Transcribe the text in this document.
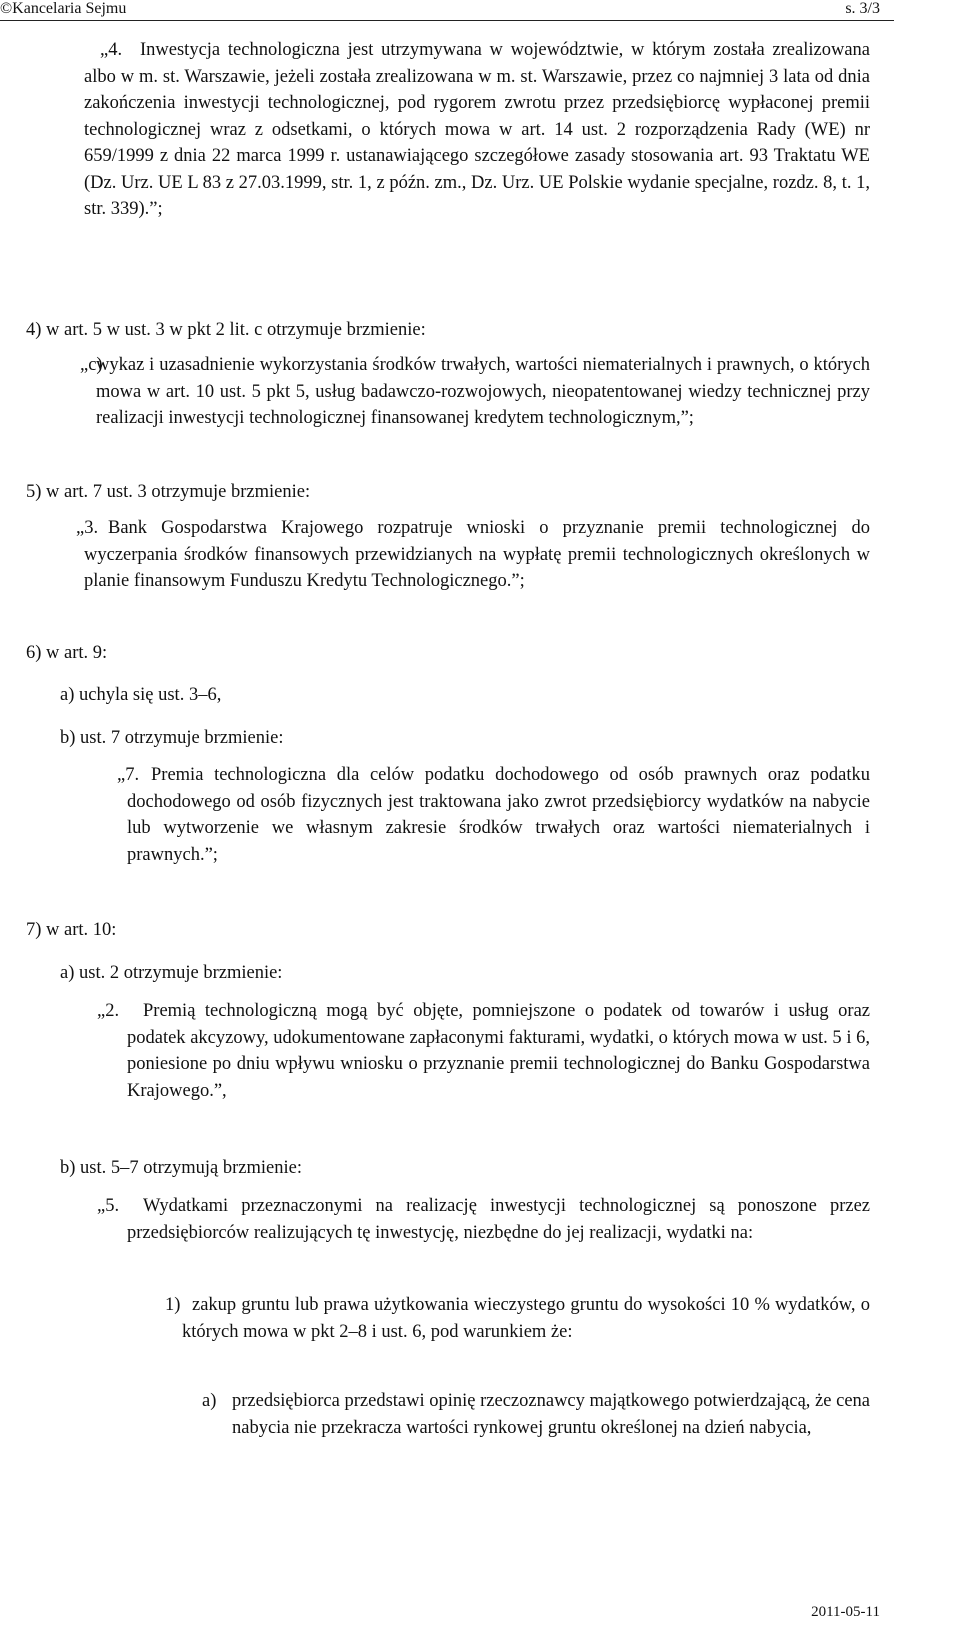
©Kancelaria Sejmu	s. 3/3
„4. Inwestycja technologiczna jest utrzymywana w województwie, w którym została zrealizowana albo w m. st. Warszawie, jeżeli została zrealizowana w m. st. Warszawie, przez co najmniej 3 lata od dnia zakończenia inwestycji technologicznej, pod rygorem zwrotu przez przedsiębiorcę wypłaconej premii technologicznej wraz z odsetkami, o których mowa w art. 14 ust. 2 rozporządzenia Rady (WE) nr 659/1999 z dnia 22 marca 1999 r. ustanawiającego szczegółowe zasady stosowania art. 93 Traktatu WE (Dz. Urz. UE L 83 z 27.03.1999, str. 1, z późn. zm., Dz. Urz. UE Polskie wydanie specjalne, rozdz. 8, t. 1, str. 339).”;
4) w art. 5 w ust. 3 w pkt 2 lit. c otrzymuje brzmienie:
„c)
wykaz i uzasadnienie wykorzystania środków trwałych, wartości niematerialnych i prawnych, o których mowa w art. 10 ust. 5 pkt 5, usług badawczo-rozwojowych, nieopatentowanej wiedzy technicznej przy realizacji inwestycji technologicznej finansowanej kredytem technologicznym,”;
5) w art. 7 ust. 3 otrzymuje brzmienie:
„3. Bank Gospodarstwa Krajowego rozpatruje wnioski o przyznanie premii technologicznej do wyczerpania środków finansowych przewidzianych na wypłatę premii technologicznych określonych w planie finansowym Funduszu Kredytu Technologicznego.”;
6) w art. 9:
a) uchyla się ust. 3–6,
b) ust. 7 otrzymuje brzmienie:
„7. Premia technologiczna dla celów podatku dochodowego od osób prawnych oraz podatku dochodowego od osób fizycznych jest traktowana jako zwrot przedsiębiorcy wydatków na nabycie lub wytworzenie we własnym zakresie środków trwałych oraz wartości niematerialnych i prawnych.”;
7) w art. 10:
a) ust. 2 otrzymuje brzmienie:
„2.	Premią technologiczną mogą być objęte, pomniejszone o podatek od towarów i usług oraz podatek akcyzowy, udokumentowane zapłaconymi fakturami, wydatki, o których mowa w ust. 5 i 6, poniesione po dniu wpływu wniosku o przyznanie premii technologicznej do Banku Gospodarstwa Krajowego.”,
b) ust. 5–7 otrzymują brzmienie:
„5.	Wydatkami przeznaczonymi na realizację inwestycji technologicznej są ponoszone przez przedsiębiorców realizujących tę inwestycję, niezbędne do jej realizacji, wydatki na:
1) zakup gruntu lub prawa użytkowania wieczystego gruntu do wysokości 10 % wydatków, o których mowa w pkt 2–8 i ust. 6, pod warunkiem że:
a) przedsiębiorca przedstawi opinię rzeczoznawcy majątkowego potwierdzającą, że cena nabycia nie przekracza wartości rynkowej gruntu określonej na dzień nabycia,
2011-05-11
